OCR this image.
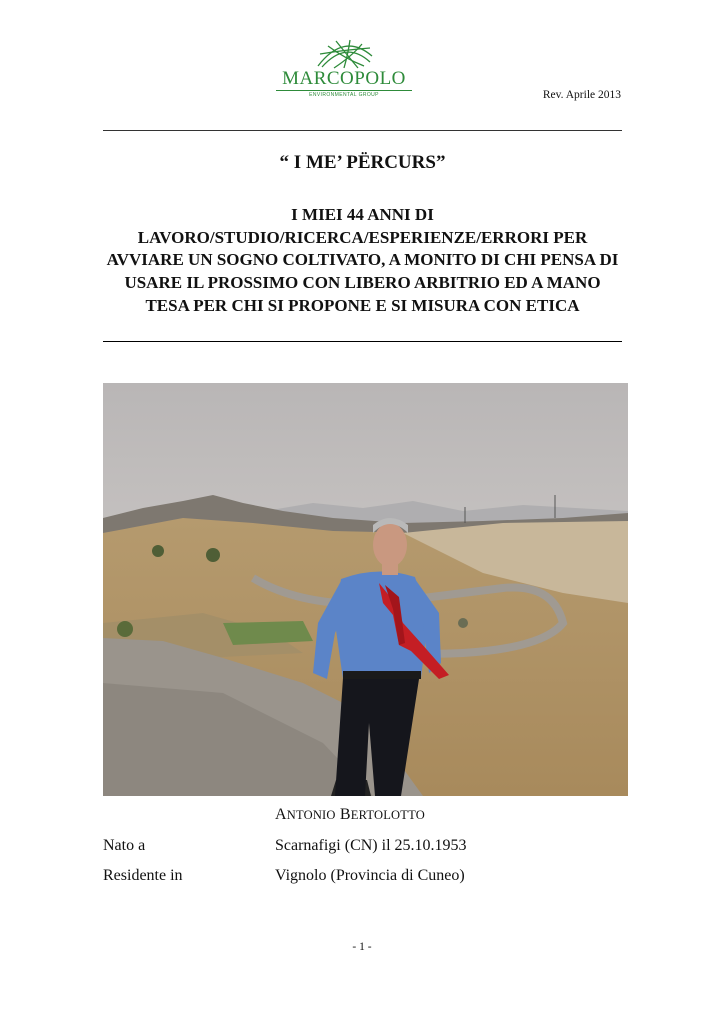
MARCOPOLO
ENVIRONMENTAL GROUP	Rev. Aprile 2013
“ I ME’ PËRCURS”
I MIEI 44 ANNI DI LAVORO/STUDIO/RICERCA/ESPERIENZE/ERRORI PER AVVIARE UN SOGNO COLTIVATO, A MONITO DI CHI PENSA DI USARE IL PROSSIMO CON LIBERO ARBITRIO ED A MANO TESA PER CHI SI PROPONE E SI MISURA CON ETICA
ANTONIO BERTOLOTTO
Nato a	Scarnafigi (CN) il 25.10.1953
Residente in	Vignolo (Provincia di Cuneo)
- 1 -
